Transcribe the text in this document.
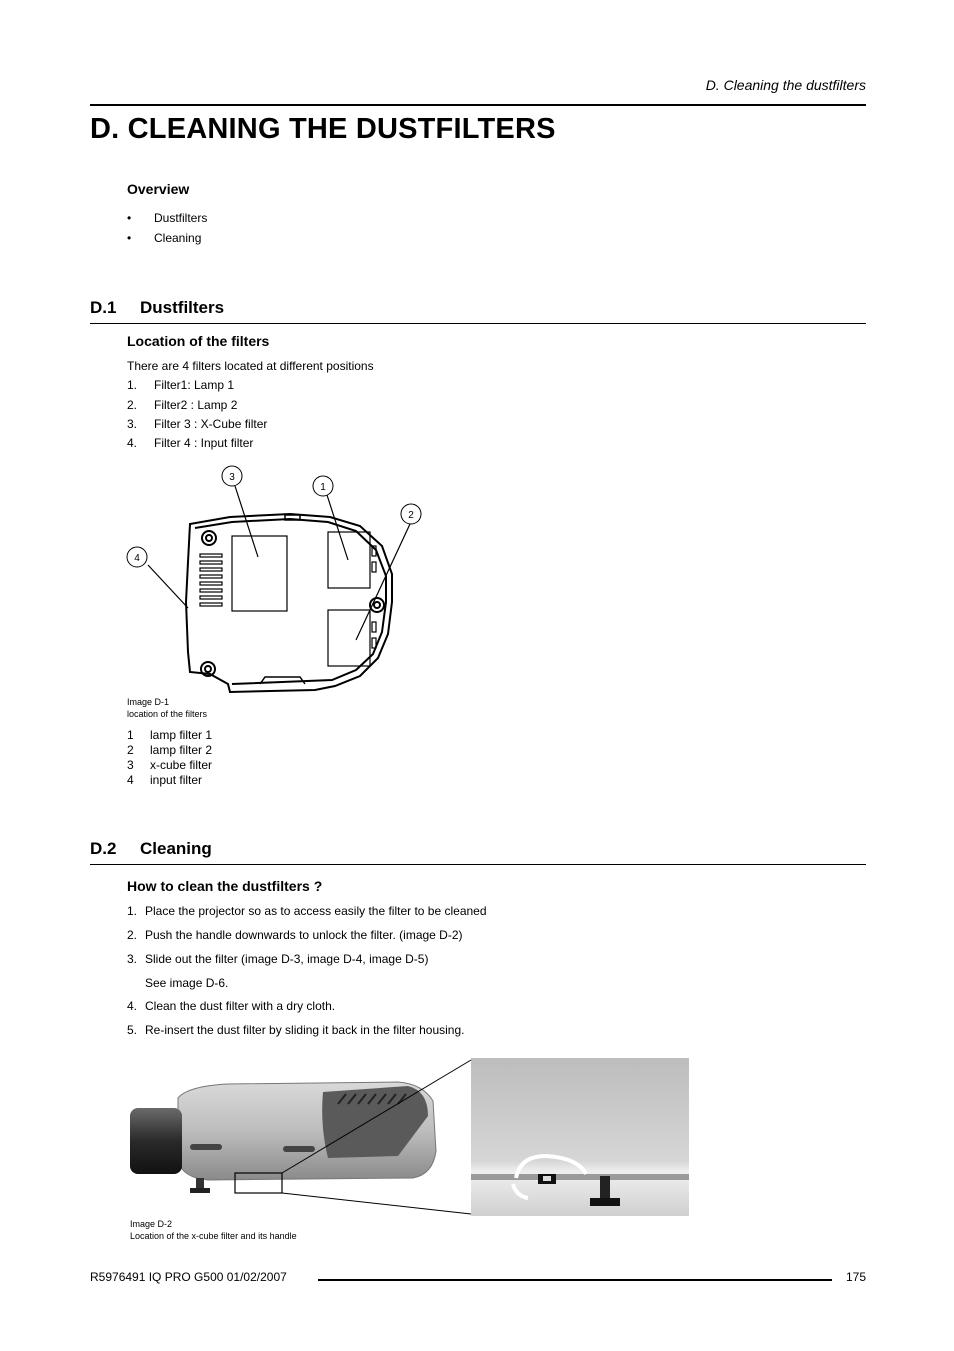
D. Cleaning the dustfilters
D. CLEANING THE DUSTFILTERS
Overview
• Dustfilters
• Cleaning
D.1 Dustfilters
Location of the filters
There are 4 filters located at different positions
1. Filter1: Lamp 1
2. Filter2 : Lamp 2
3. Filter 3 : X-Cube filter
4. Filter 4 : Input filter
3
1
2
4
Image D-1
location of the filters
1 lamp filter 1
2 lamp filter 2
3 x-cube filter
4 input filter
D.2 Cleaning
How to clean the dustfilters ?
1. Place the projector so as to access easily the filter to be cleaned
2. Push the handle downwards to unlock the filter. (image D-2)
3. Slide out the filter (image D-3, image D-4, image D-5)
See image D-6.
4. Clean the dust filter with a dry cloth.
5. Re-insert the dust filter by sliding it back in the filter housing.
Image D-2
Location of the x-cube filter and its handle
R5976491 IQ PRO G500 01/02/2007	175
